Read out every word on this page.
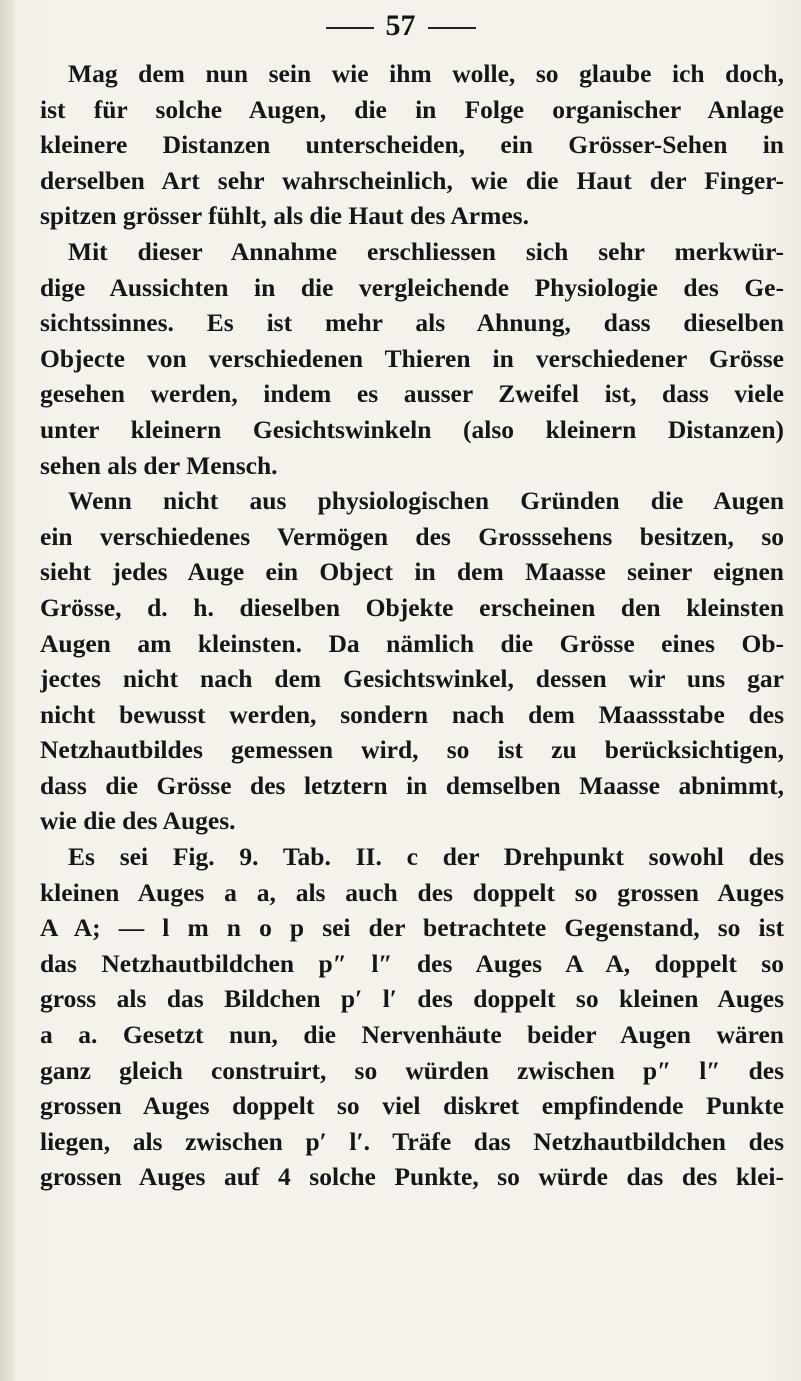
57
Mag dem nun sein wie ihm wolle, so glaube ich doch,
ist für solche Augen, die in Folge organischer Anlage
kleinere Distanzen unterscheiden, ein Grösser-Sehen in
derselben Art sehr wahrscheinlich, wie die Haut der Finger-
spitzen grösser fühlt, als die Haut des Armes.
Mit dieser Annahme erschliessen sich sehr merkwür-
dige Aussichten in die vergleichende Physiologie des Ge-
sichtssinnes. Es ist mehr als Ahnung, dass dieselben
Objecte von verschiedenen Thieren in verschiedener Grösse
gesehen werden, indem es ausser Zweifel ist, dass viele
unter kleinern Gesichtswinkeln (also kleinern Distanzen)
sehen als der Mensch.
Wenn nicht aus physiologischen Gründen die Augen
ein verschiedenes Vermögen des Grosssehens besitzen, so
sieht jedes Auge ein Object in dem Maasse seiner eignen
Grösse, d. h. dieselben Objekte erscheinen den kleinsten
Augen am kleinsten. Da nämlich die Grösse eines Ob-
jectes nicht nach dem Gesichtswinkel, dessen wir uns gar
nicht bewusst werden, sondern nach dem Maassstabe des
Netzhautbildes gemessen wird, so ist zu berücksichtigen,
dass die Grösse des letztern in demselben Maasse abnimmt,
wie die des Auges.
Es sei Fig. 9. Tab. II. c der Drehpunkt sowohl des
kleinen Auges a a, als auch des doppelt so grossen Auges
A A; — l m n o p sei der betrachtete Gegenstand, so ist
das Netzhautbildchen p″ l″ des Auges A A, doppelt so
gross als das Bildchen p′ l′ des doppelt so kleinen Auges
a a. Gesetzt nun, die Nervenhäute beider Augen wären
ganz gleich construirt, so würden zwischen p″ l″ des
grossen Auges doppelt so viel diskret empfindende Punkte
liegen, als zwischen p′ l′. Träfe das Netzhautbildchen des
grossen Auges auf 4 solche Punkte, so würde das des klei-
